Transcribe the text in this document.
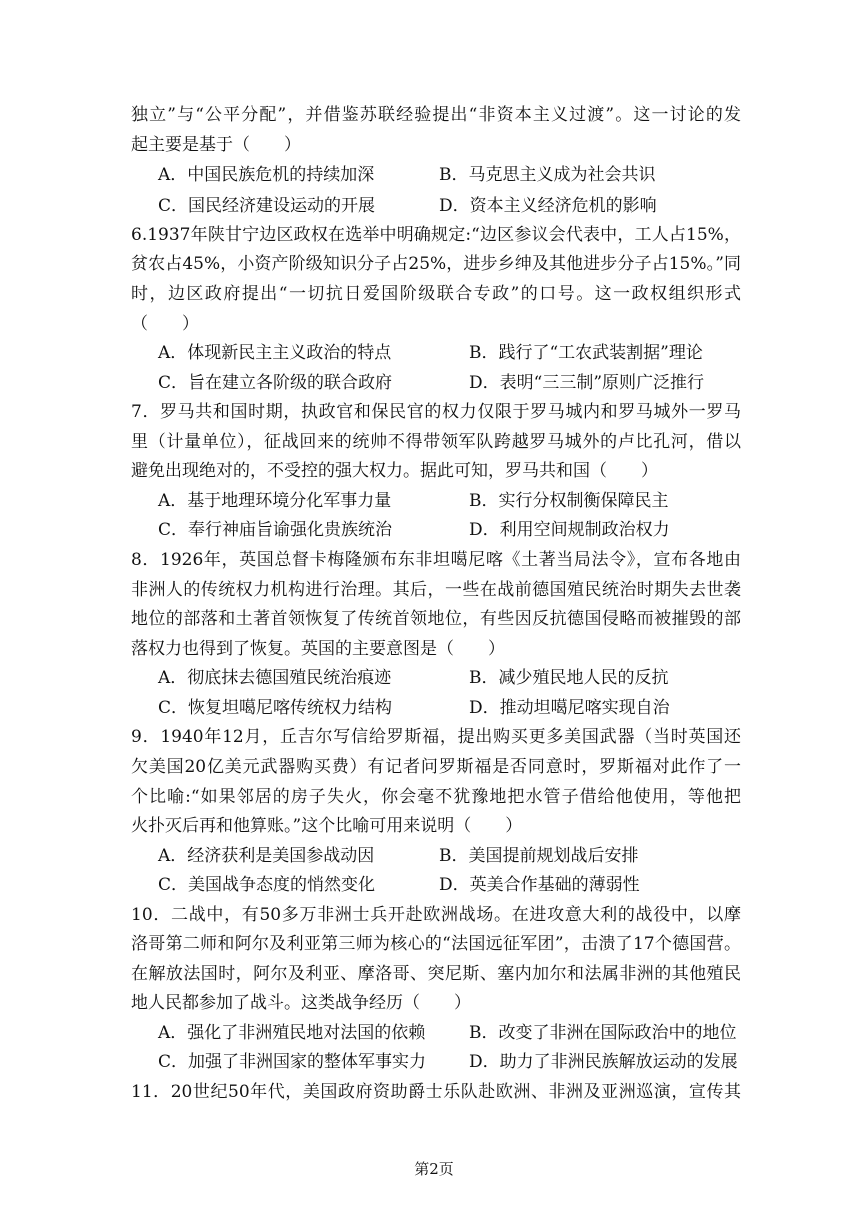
独立”与“公平分配”，并借鉴苏联经验提出“非资本主义过渡”。这一讨论的发
起主要是基于（　　）
A．中国民族危机的持续加深	B．马克思主义成为社会共识
C．国民经济建设运动的开展	D．资本主义经济危机的影响
6.1937年陕甘宁边区政权在选举中明确规定:“边区参议会代表中，工人占15%，
贫农占45%，小资产阶级知识分子占25%，进步乡绅及其他进步分子占15%。”同
时，边区政府提出“一切抗日爱国阶级联合专政”的口号。这一政权组织形式
（　　）
A．体现新民主主义政治的特点	B．践行了“工农武装割据”理论
C．旨在建立各阶级的联合政府	D．表明“三三制”原则广泛推行
7．罗马共和国时期，执政官和保民官的权力仅限于罗马城内和罗马城外一罗马
里（计量单位），征战回来的统帅不得带领军队跨越罗马城外的卢比孔河，借以
避免出现绝对的，不受控的强大权力。据此可知，罗马共和国（　　）
A．基于地理环境分化军事力量	B．实行分权制衡保障民主
C．奉行神庙旨谕强化贵族统治	D．利用空间规制政治权力
8．1926年，英国总督卡梅隆颁布东非坦噶尼喀《土著当局法令》，宣布各地由
非洲人的传统权力机构进行治理。其后，一些在战前德国殖民统治时期失去世袭
地位的部落和土著首领恢复了传统首领地位，有些因反抗德国侵略而被摧毁的部
落权力也得到了恢复。英国的主要意图是（　　）
A．彻底抹去德国殖民统治痕迹	B．减少殖民地人民的反抗
C．恢复坦噶尼喀传统权力结构	D．推动坦噶尼喀实现自治
9．1940年12月，丘吉尔写信给罗斯福，提出购买更多美国武器（当时英国还
欠美国20亿美元武器购买费）有记者问罗斯福是否同意时，罗斯福对此作了一
个比喻:“如果邻居的房子失火，你会毫不犹豫地把水管子借给他使用，等他把
火扑灭后再和他算账。”这个比喻可用来说明（　　）
A．经济获利是美国参战动因	B．美国提前规划战后安排
C．美国战争态度的悄然变化	D．英美合作基础的薄弱性
10．二战中，有50多万非洲士兵开赴欧洲战场。在进攻意大利的战役中，以摩
洛哥第二师和阿尔及利亚第三师为核心的“法国远征军团”，击溃了17个德国营。
在解放法国时，阿尔及利亚、摩洛哥、突尼斯、塞内加尔和法属非洲的其他殖民
地人民都参加了战斗。这类战争经历（　　）
A．强化了非洲殖民地对法国的依赖	B．改变了非洲在国际政治中的地位
C．加强了非洲国家的整体军事实力	D．助力了非洲民族解放运动的发展
11．20世纪50年代，美国政府资助爵士乐队赴欧洲、非洲及亚洲巡演，宣传其
第2页
